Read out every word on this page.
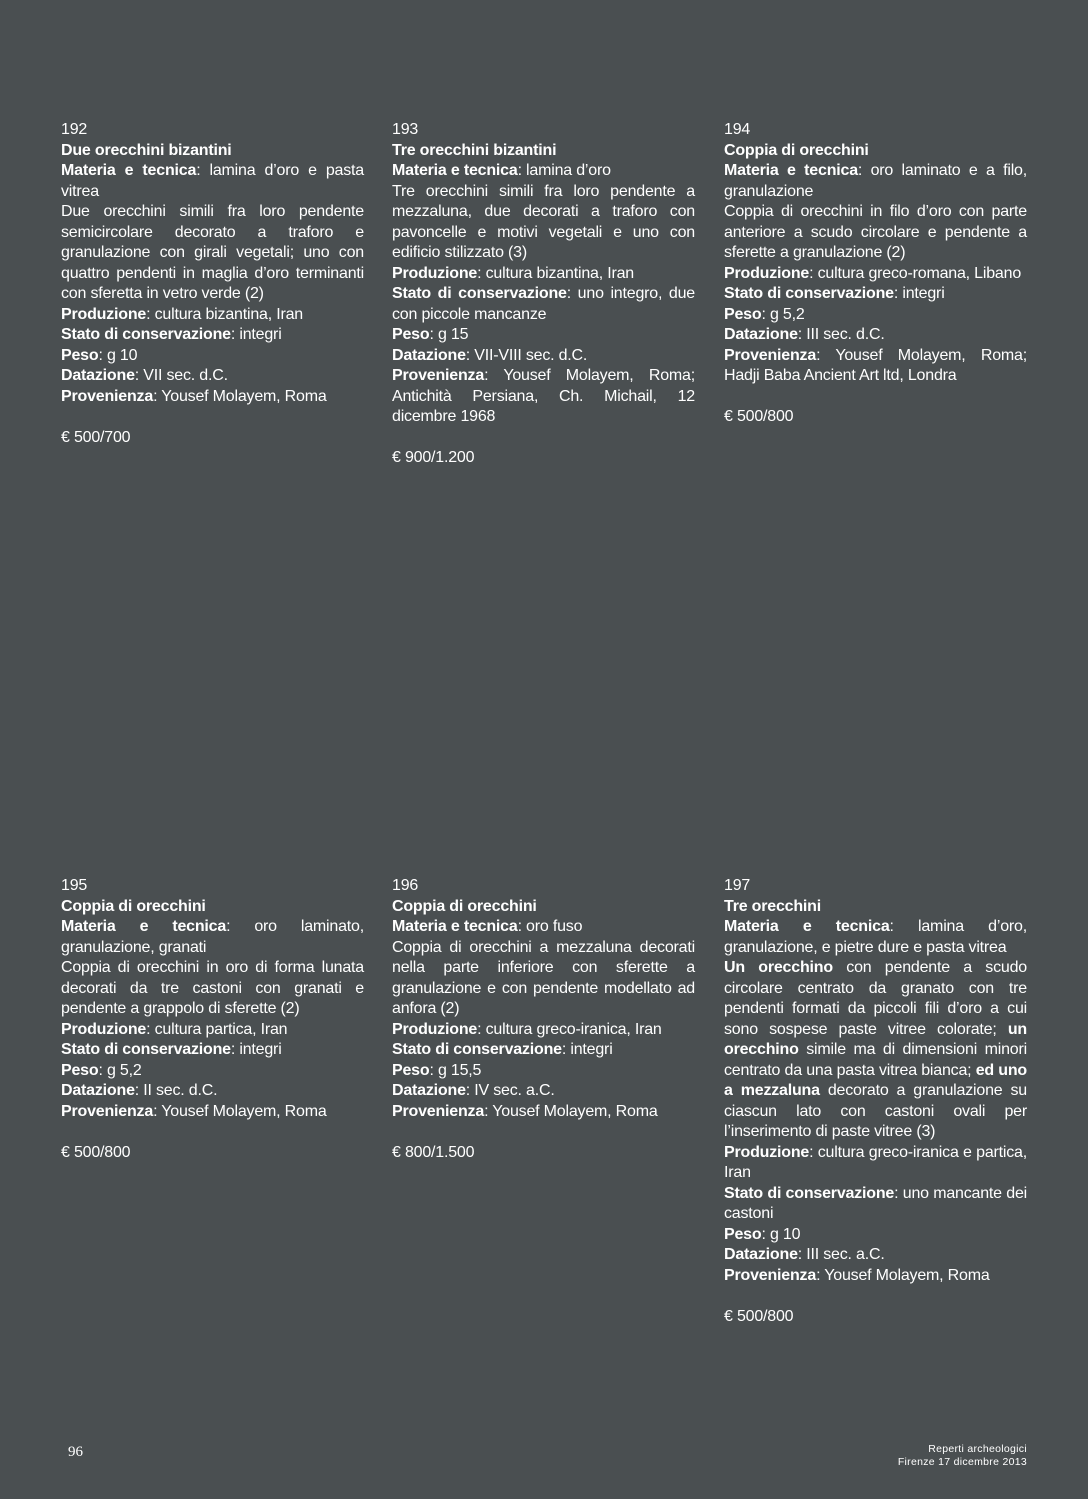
192
Due orecchini bizantini
Materia e tecnica: lamina d’oro e pasta vitrea
Due orecchini simili fra loro pendente semicircolare decorato a traforo e granulazione con girali vegetali; uno con quattro pendenti in maglia d’oro terminanti con sferetta in vetro verde (2)
Produzione: cultura bizantina, Iran
Stato di conservazione: integri
Peso: g 10
Datazione: VII sec. d.C.
Provenienza: Yousef Molayem, Roma
€ 500/700
193
Tre orecchini bizantini
Materia e tecnica: lamina d’oro
Tre orecchini simili fra loro pendente a mezzaluna, due decorati a traforo con pavoncelle e motivi vegetali e uno con edificio stilizzato (3)
Produzione: cultura bizantina, Iran
Stato di conservazione: uno integro, due con piccole mancanze
Peso: g 15
Datazione: VII-VIII sec. d.C.
Provenienza: Yousef Molayem, Roma; Antichità Persiana, Ch. Michail, 12 dicembre 1968
€ 900/1.200
194
Coppia di orecchini
Materia e tecnica: oro laminato e a filo, granulazione
Coppia di orecchini in filo d’oro con parte anteriore a scudo circolare e pendente a sferette a granulazione (2)
Produzione: cultura greco-romana, Libano
Stato di conservazione: integri
Peso: g 5,2
Datazione: III sec. d.C.
Provenienza: Yousef Molayem, Roma; Hadji Baba Ancient Art ltd, Londra
€ 500/800
195
Coppia di orecchini
Materia e tecnica: oro laminato, granulazione, granati
Coppia di orecchini in oro di forma lunata decorati da tre castoni con granati e pendente a grappolo di sferette (2)
Produzione: cultura partica, Iran
Stato di conservazione: integri
Peso: g 5,2
Datazione: II sec. d.C.
Provenienza: Yousef Molayem, Roma
€ 500/800
196
Coppia di orecchini
Materia e tecnica: oro fuso
Coppia di orecchini a mezzaluna decorati nella parte inferiore con sferette a granulazione e con pendente modellato ad anfora (2)
Produzione: cultura greco-iranica, Iran
Stato di conservazione: integri
Peso: g 15,5
Datazione: IV sec. a.C.
Provenienza: Yousef Molayem, Roma
€ 800/1.500
197
Tre orecchini
Materia e tecnica: lamina d’oro, granulazione, e pietre dure e pasta vitrea
Un orecchino con pendente a scudo circolare centrato da granato con tre pendenti formati da piccoli fili d’oro a cui sono sospese paste vitree colorate; un orecchino simile ma di dimensioni minori centrato da una pasta vitrea bianca; ed uno a mezzaluna decorato a granulazione su ciascun lato con castoni ovali per l’inserimento di paste vitree (3)
Produzione: cultura greco-iranica e partica, Iran
Stato di conservazione: uno mancante dei castoni
Peso: g 10
Datazione: III sec. a.C.
Provenienza: Yousef Molayem, Roma
€ 500/800
96	Reperti archeologici
Firenze 17 dicembre 2013
